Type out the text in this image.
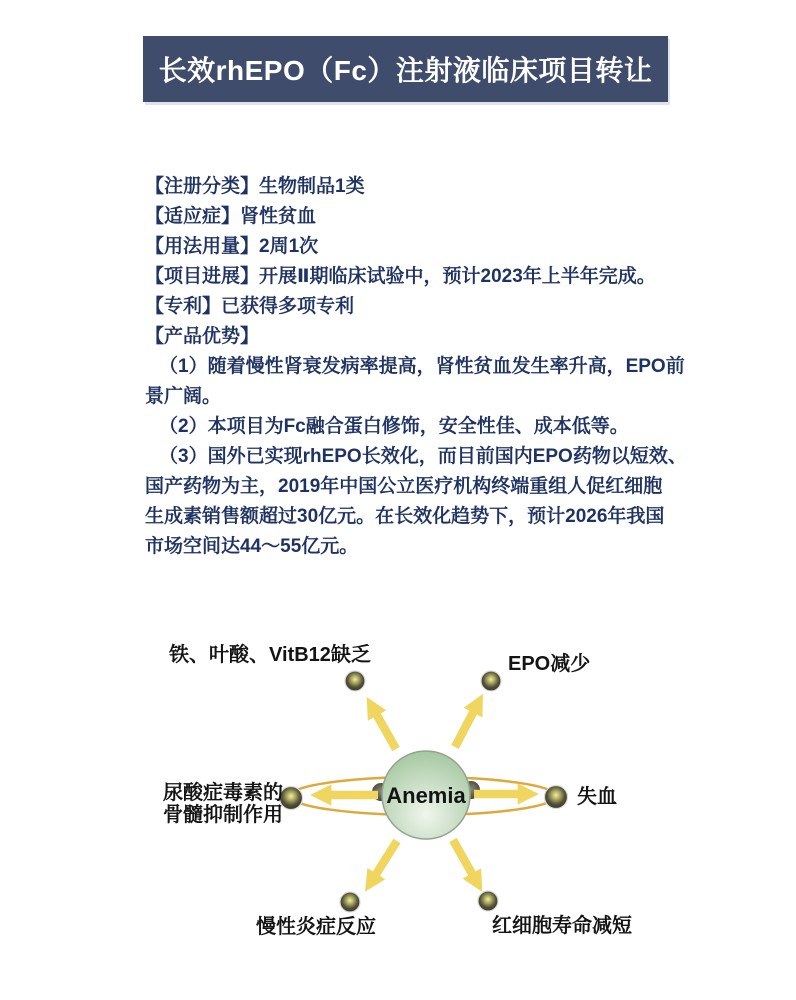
长效rhEPO（Fc）注射液临床项目转让
【注册分类】生物制品1类
【适应症】肾性贫血
【用法用量】2周1次
【项目进展】开展Ⅱ期临床试验中，预计2023年上半年完成。
【专利】已获得多项专利
【产品优势】
（1）随着慢性肾衰发病率提高，肾性贫血发生率升高，EPO前
景广阔。
（2）本项目为Fc融合蛋白修饰，安全性佳、成本低等。
（3）国外已实现rhEPO长效化，而目前国内EPO药物以短效、
国产药物为主，2019年中国公立医疗机构终端重组人促红细胞
生成素销售额超过30亿元。在长效化趋势下，预计2026年我国
市场空间达44～55亿元。
Anemia
铁、叶酸、VitB12缺乏	EPO减少
尿酸症毒素的
骨髓抑制作用
失血
慢性炎症反应	红细胞寿命减短
